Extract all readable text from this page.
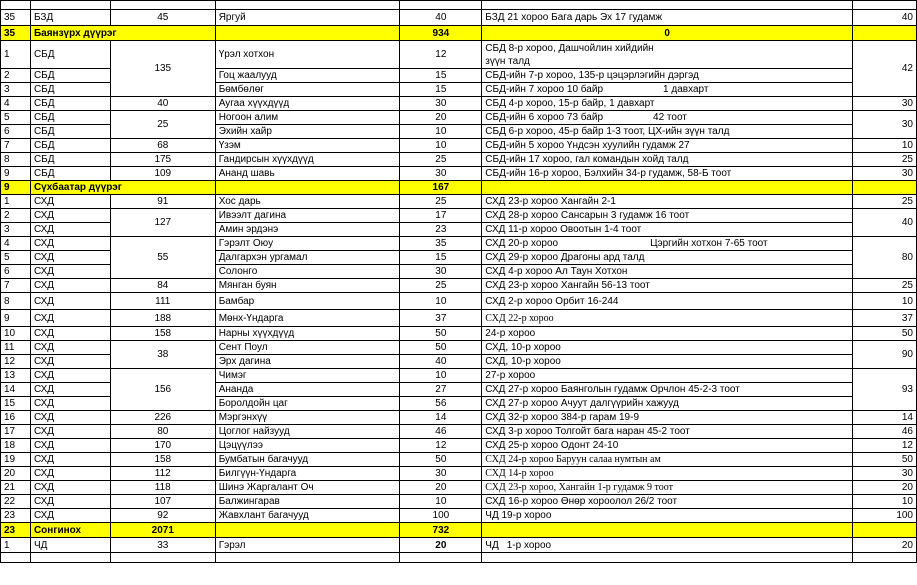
35	БЗД	45	Яргуй	40	БЗД 21 хороо Бага дарь Эх 17 гудамж	40
35	Баянзүрх дүүрэг			934	0	
1	СБД	135	Үрэл хотхон	12	СБД 8-р хороо, Дашчойлин хийдийн
зүүн талд	42
2	СБД		Гоц жаалууд	15	СБД-ийн 7-р хороо, 135-р цэцэрлэгийн дэргэд	
3	СБД		Бөмбөлөг	15	СБД-ийн 7 хороо 10 байр 1 давхарт	
4	СБД	40	Аугаа хүүхдүүд	30	СБД 4-р хороо, 15-р байр, 1 давхарт	30
5	СБД	25	Ногоон алим	20	СБД-ийн 6 хороо 73 байр 42 тоот	30
6	СБД		Эхийн хайр	10	СБД 6-р хороо, 45-р байр 1-3 тоот, ЦХ-ийн зүүн талд	
7	СБД	68	Үзэм	10	СБД-ийн 5 хороо Үндсэн хуулийн гудамж 27	10
8	СБД	175	Гандирсын хүүхдүүд	25	СБД-ийн 17 хороо, гал командын хойд талд	25
9	СБД	109	Ананд шавь	30	СБД-ийн 16-р хороо, Бэлхийн 34-р гудамж, 58-Б тоот	30
9	Сүхбаатар дүүрэг			167		
1	СХД	91	Хос дарь	25	СХД 23-р хороо Хангайн 2-1	25
2	СХД	127	Ивээлт дагина	17	СХД 28-р хороо Сансарын 3 гудамж 16 тоот	40
3	СХД		Амин эрдэнэ	23	СХД 11-р хороо Овоотын 1-4 тоот	
4	СХД	55	Гэрэлт Оюу	35	СХД 20-р хороо Цэргийн хотхон 7-65 тоот	80
5	СХД		Далгархэн ургамал	15	СХД 29-р хороо Драгоны ард талд	
6	СХД		Солонго	30	СХД 4-р хороо Ал Таун Хотхон	
7	СХД	84	Мянган буян	25	СХД 23-р хороо Хангайн 56-13 тоот	25
8	СХД	111	Бамбар	10	СХД 2-р хороо Орбит 16-244	10
9	СХД	188	Мөнх-Үндарга	37	СХД 22-р хороо	37
10	СХД	158	Нарны хүүхдүүд	50	24-р хороо	50
11	СХД	38	Сент Поул	50	СХД, 10-р хороо	90
12	СХД		Эрх дагина	40	СХД, 10-р хороо	
13	СХД	156	Чимэг	10	27-р хороо	93
14	СХД		Ананда	27	СХД 27-р хороо Баянголын гудамж Орчлон 45-2-3 тоот	
15	СХД		Боролдойн цаг	56	СХД 27-р хороо Ачуут далгүүрийн хажууд	
16	СХД	226	Мэргэнхүү	14	СХД 32-р хороо 384-р гарам 19-9	14
17	СХД	80	Цоглог найзууд	46	СХД 3-р хороо Толгойт бага наран 45-2 тоот	46
18	СХД	170	Цэцүүлээ	12	СХД 25-р хороо Одонт 24-10	12
19	СХД	158	Бумбатын багачууд	50	СХД 24-р хороо Баруун салаа нумтын ам	50
20	СХД	112	Билгүүн-Үндарга	30	СХД 14-р хороо	30
21	СХД	118	Шинэ Жаргалант Оч	20	СХД 23-р хороо, Хангайн 1-р гудамж 9 тоот	20
22	СХД	107	Балжингарав	10	СХД 16-р хороо Өнөр хороолол 26/2 тоот	10
23	СХД	92	Жавхлант багачууд	100	ЧД 19-р хороо	100
23	Сонгинох	2071		732		
1	ЧД	33	Гэрэл	20	ЧД 1-р хороо	20
